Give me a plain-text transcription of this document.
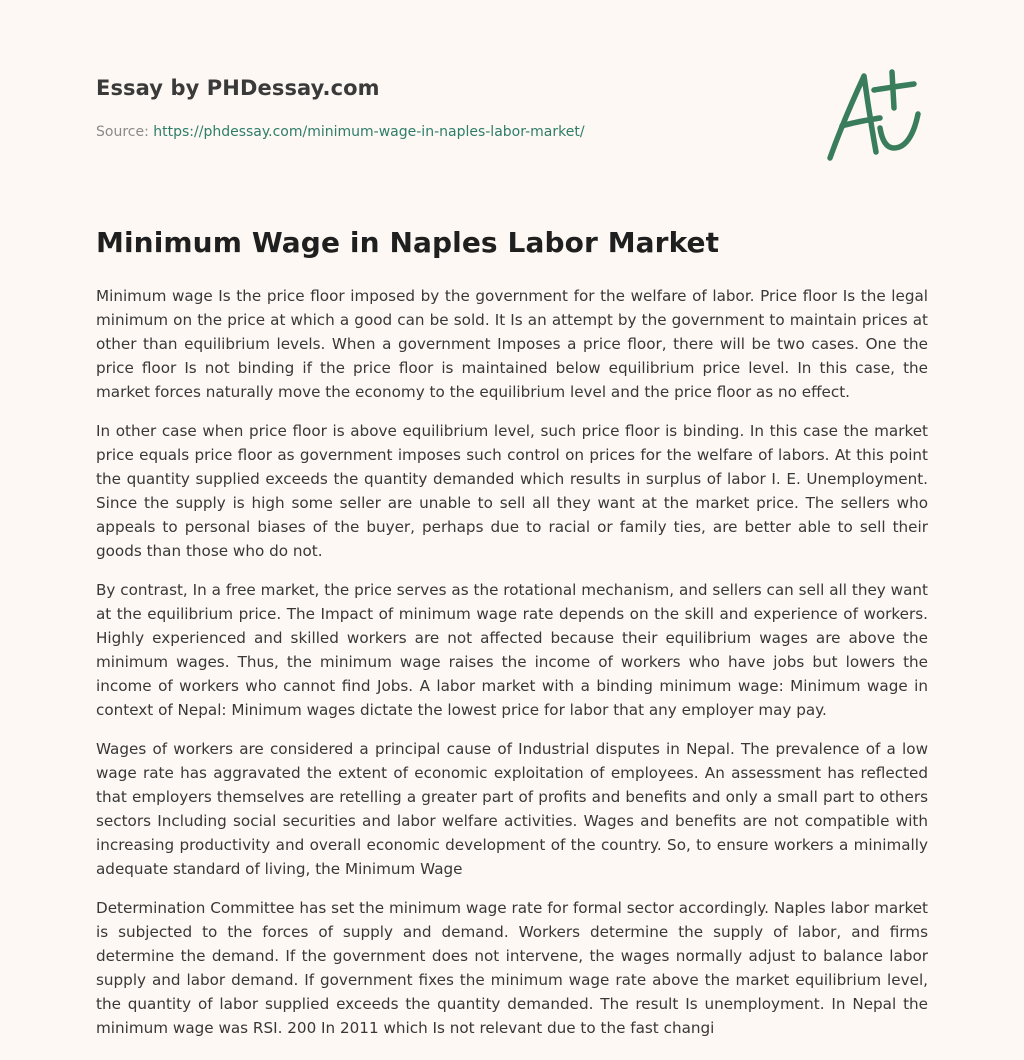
Essay by PHDessay.com
Source: https://phdessay.com/minimum-wage-in-naples-labor-market/
Minimum Wage in Naples Labor Market

Minimum wage Is the price floor imposed by the government for the welfare of labor. Price floor Is the legal minimum on the price at which a good can be sold. It Is an attempt by the government to maintain prices at other than equilibrium levels. When a government Imposes a price floor, there will be two cases. One the price floor Is not binding if the price floor is maintained below equilibrium price level. In this case, the market forces naturally move the economy to the equilibrium level and the price floor as no effect.

In other case when price floor is above equilibrium level, such price floor is binding. In this case the market price equals price floor as government imposes such control on prices for the welfare of labors. At this point the quantity supplied exceeds the quantity demanded which results in surplus of labor I. E. Unemployment. Since the supply is high some seller are unable to sell all they want at the market price. The sellers who appeals to personal biases of the buyer, perhaps due to racial or family ties, are better able to sell their goods than those who do not.

By contrast, In a free market, the price serves as the rotational mechanism, and sellers can sell all they want at the equilibrium price. The Impact of minimum wage rate depends on the skill and experience of workers. Highly experienced and skilled workers are not affected because their equilibrium wages are above the minimum wages. Thus, the minimum wage raises the income of workers who have jobs but lowers the income of workers who cannot find Jobs. A labor market with a binding minimum wage: Minimum wage in context of Nepal: Minimum wages dictate the lowest price for labor that any employer may pay.

Wages of workers are considered a principal cause of Industrial disputes in Nepal. The prevalence of a low wage rate has aggravated the extent of economic exploitation of employees. An assessment has reflected that employers themselves are retelling a greater part of profits and benefits and only a small part to others sectors Including social securities and labor welfare activities. Wages and benefits are not compatible with increasing productivity and overall economic development of the country. So, to ensure workers a minimally adequate standard of living, the Minimum Wage

Determination Committee has set the minimum wage rate for formal sector accordingly. Naples labor market is subjected to the forces of supply and demand. Workers determine the supply of labor, and firms determine the demand. If the government does not intervene, the wages normally adjust to balance labor supply and labor demand. If government fixes the minimum wage rate above the market equilibrium level, the quantity of labor supplied exceeds the quantity demanded. The result Is unemployment. In Nepal the minimum wage was RSI. 200 In 2011 which Is not relevant due to the fast changi
